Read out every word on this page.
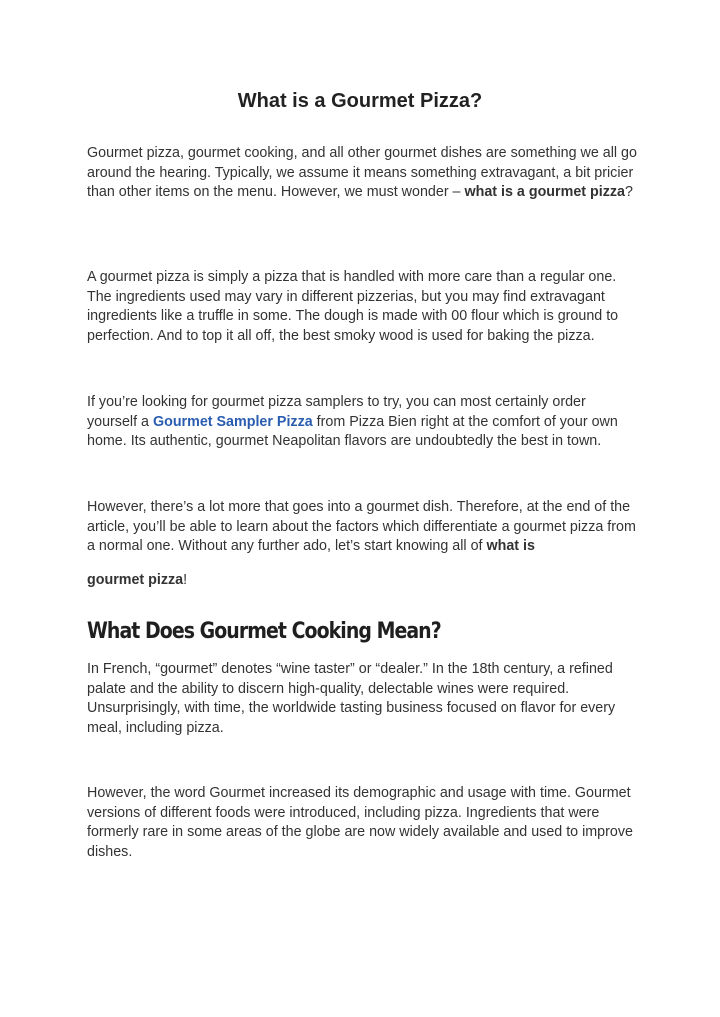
What is a Gourmet Pizza?
Gourmet pizza, gourmet cooking, and all other gourmet dishes are something we all go around the hearing. Typically, we assume it means something extravagant, a bit pricier than other items on the menu. However, we must wonder – what is a gourmet pizza?
A gourmet pizza is simply a pizza that is handled with more care than a regular one. The ingredients used may vary in different pizzerias, but you may find extravagant ingredients like a truffle in some. The dough is made with 00 flour which is ground to perfection. And to top it all off, the best smoky wood is used for baking the pizza.
If you’re looking for gourmet pizza samplers to try, you can most certainly order yourself a Gourmet Sampler Pizza from Pizza Bien right at the comfort of your own home. Its authentic, gourmet Neapolitan flavors are undoubtedly the best in town.
However, there’s a lot more that goes into a gourmet dish. Therefore, at the end of the article, you’ll be able to learn about the factors which differentiate a gourmet pizza from a normal one. Without any further ado, let’s start knowing all of what is
gourmet pizza!
What Does Gourmet Cooking Mean?
In French, “gourmet” denotes “wine taster” or “dealer.” In the 18th century, a refined palate and the ability to discern high-quality, delectable wines were required. Unsurprisingly, with time, the worldwide tasting business focused on flavor for every meal, including pizza.
However, the word Gourmet increased its demographic and usage with time. Gourmet versions of different foods were introduced, including pizza. Ingredients that were formerly rare in some areas of the globe are now widely available and used to improve dishes.
